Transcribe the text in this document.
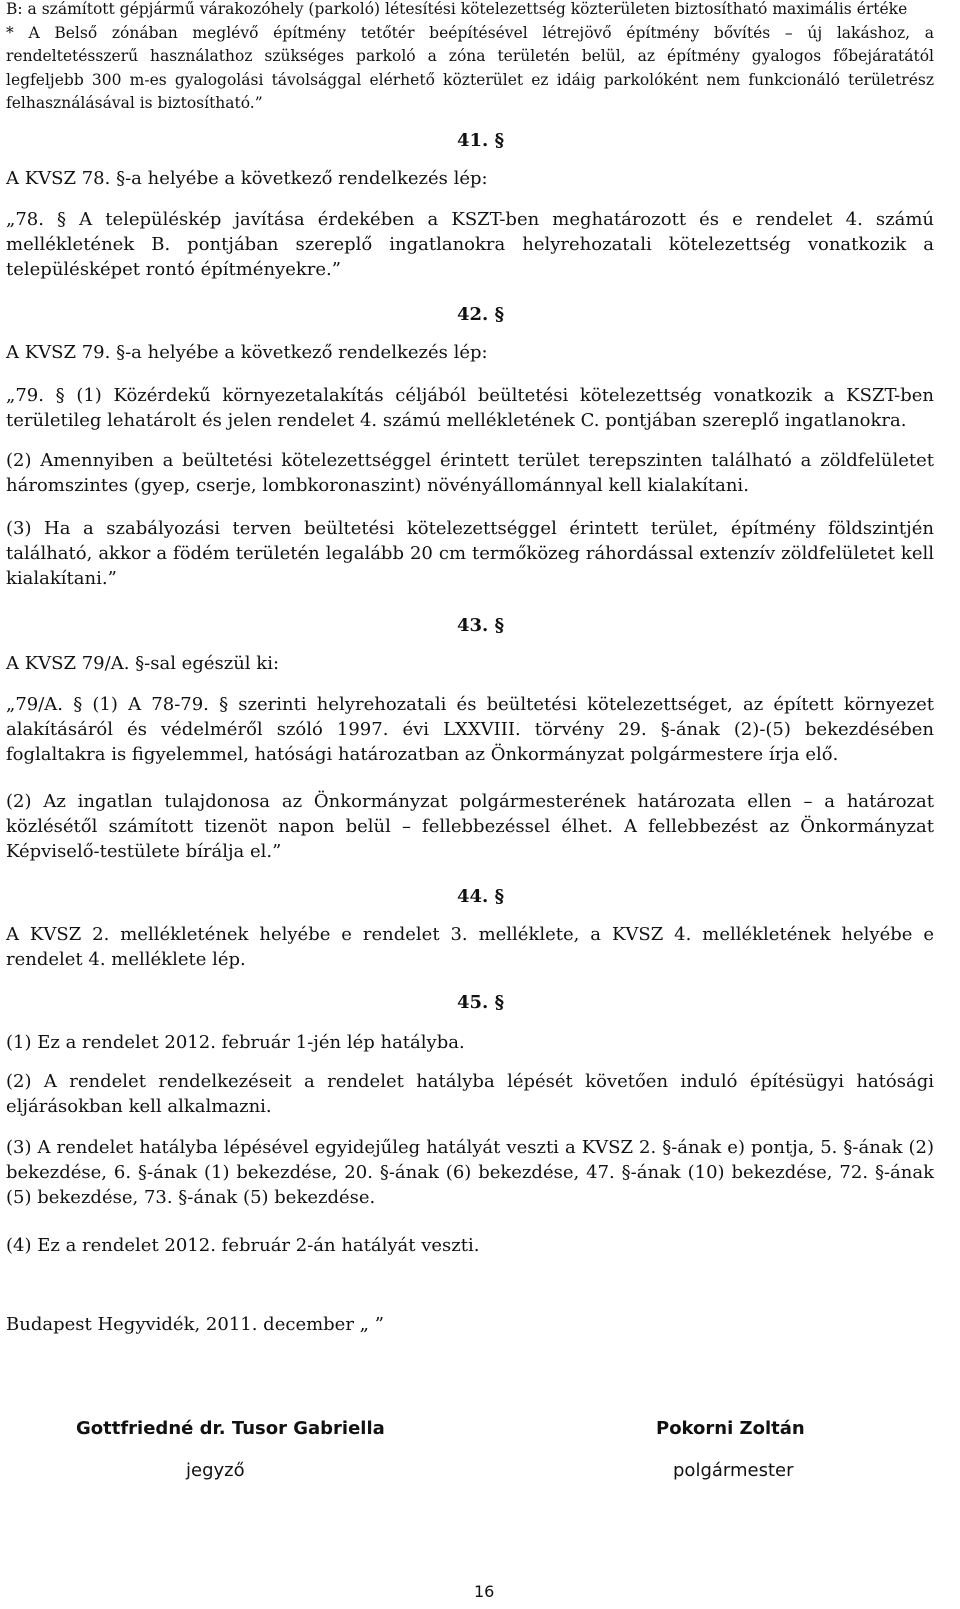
B: a számított gépjármű várakozóhely (parkoló) létesítési kötelezettség közterületen biztosítható maximális értéke

* A Belső zónában meglévő építmény tetőtér beépítésével létrejövő építmény bővítés – új lakáshoz, a rendeltetésszerű használathoz szükséges parkoló a zóna területén belül, az építmény gyalogos főbejáratától legfeljebb 300 m-es gyalogolási távolsággal elérhető közterület ez idáig parkolóként nem funkcionáló területrész felhasználásával is biztosítható.”

41. §

A KVSZ 78. §-a helyébe a következő rendelkezés lép:

„78. § A településkép javítása érdekében a KSZT-ben meghatározott és e rendelet 4. számú mellékletének B. pontjában szereplő ingatlanokra helyrehozatali kötelezettség vonatkozik a településképet rontó építményekre.”

42. §

A KVSZ 79. §-a helyébe a következő rendelkezés lép:

„79. § (1) Közérdekű környezetalakítás céljából beültetési kötelezettség vonatkozik a KSZT-ben területileg lehatárolt és jelen rendelet 4. számú mellékletének C. pontjában szereplő ingatlanokra.

(2) Amennyiben a beültetési kötelezettséggel érintett terület terepszinten található a zöldfelületet háromszintes (gyep, cserje, lombkoronaszint) növényállománnyal kell kialakítani.

(3) Ha a szabályozási terven beültetési kötelezettséggel érintett terület, építmény földszintjén található, akkor a födém területén legalább 20 cm termőközeg ráhordással extenzív zöldfelületet kell kialakítani.”

43. §

A KVSZ 79/A. §-sal egészül ki:

„79/A. § (1) A 78-79. § szerinti helyrehozatali és beültetési kötelezettséget, az épített környezet alakításáról és védelméről szóló 1997. évi LXXVIII. törvény 29. §-ának (2)-(5) bekezdésében foglaltakra is figyelemmel, hatósági határozatban az Önkormányzat polgármestere írja elő.

(2) Az ingatlan tulajdonosa az Önkormányzat polgármesterének határozata ellen – a határozat közlésétől számított tizenöt napon belül – fellebbezéssel élhet. A fellebbezést az Önkormányzat Képviselő-testülete bírálja el.”

44. §

A KVSZ 2. mellékletének helyébe e rendelet 3. melléklete, a KVSZ 4. mellékletének helyébe e rendelet 4. melléklete lép.

45. §

(1) Ez a rendelet 2012. február 1-jén lép hatályba.

(2) A rendelet rendelkezéseit a rendelet hatályba lépését követően induló építésügyi hatósági eljárásokban kell alkalmazni.

(3) A rendelet hatályba lépésével egyidejűleg hatályát veszti a KVSZ 2. §-ának e) pontja, 5. §-ának (2) bekezdése, 6. §-ának (1) bekezdése, 20. §-ának (6) bekezdése, 47. §-ának (10) bekezdése, 72. §-ának (5) bekezdése, 73. §-ának (5) bekezdése.

(4) Ez a rendelet 2012. február 2-án hatályát veszti.

Budapest Hegyvidék, 2011. december „ ”

Gottfriedné dr. Tusor Gabriella
jegyző
Pokorni Zoltán
polgármester
16
